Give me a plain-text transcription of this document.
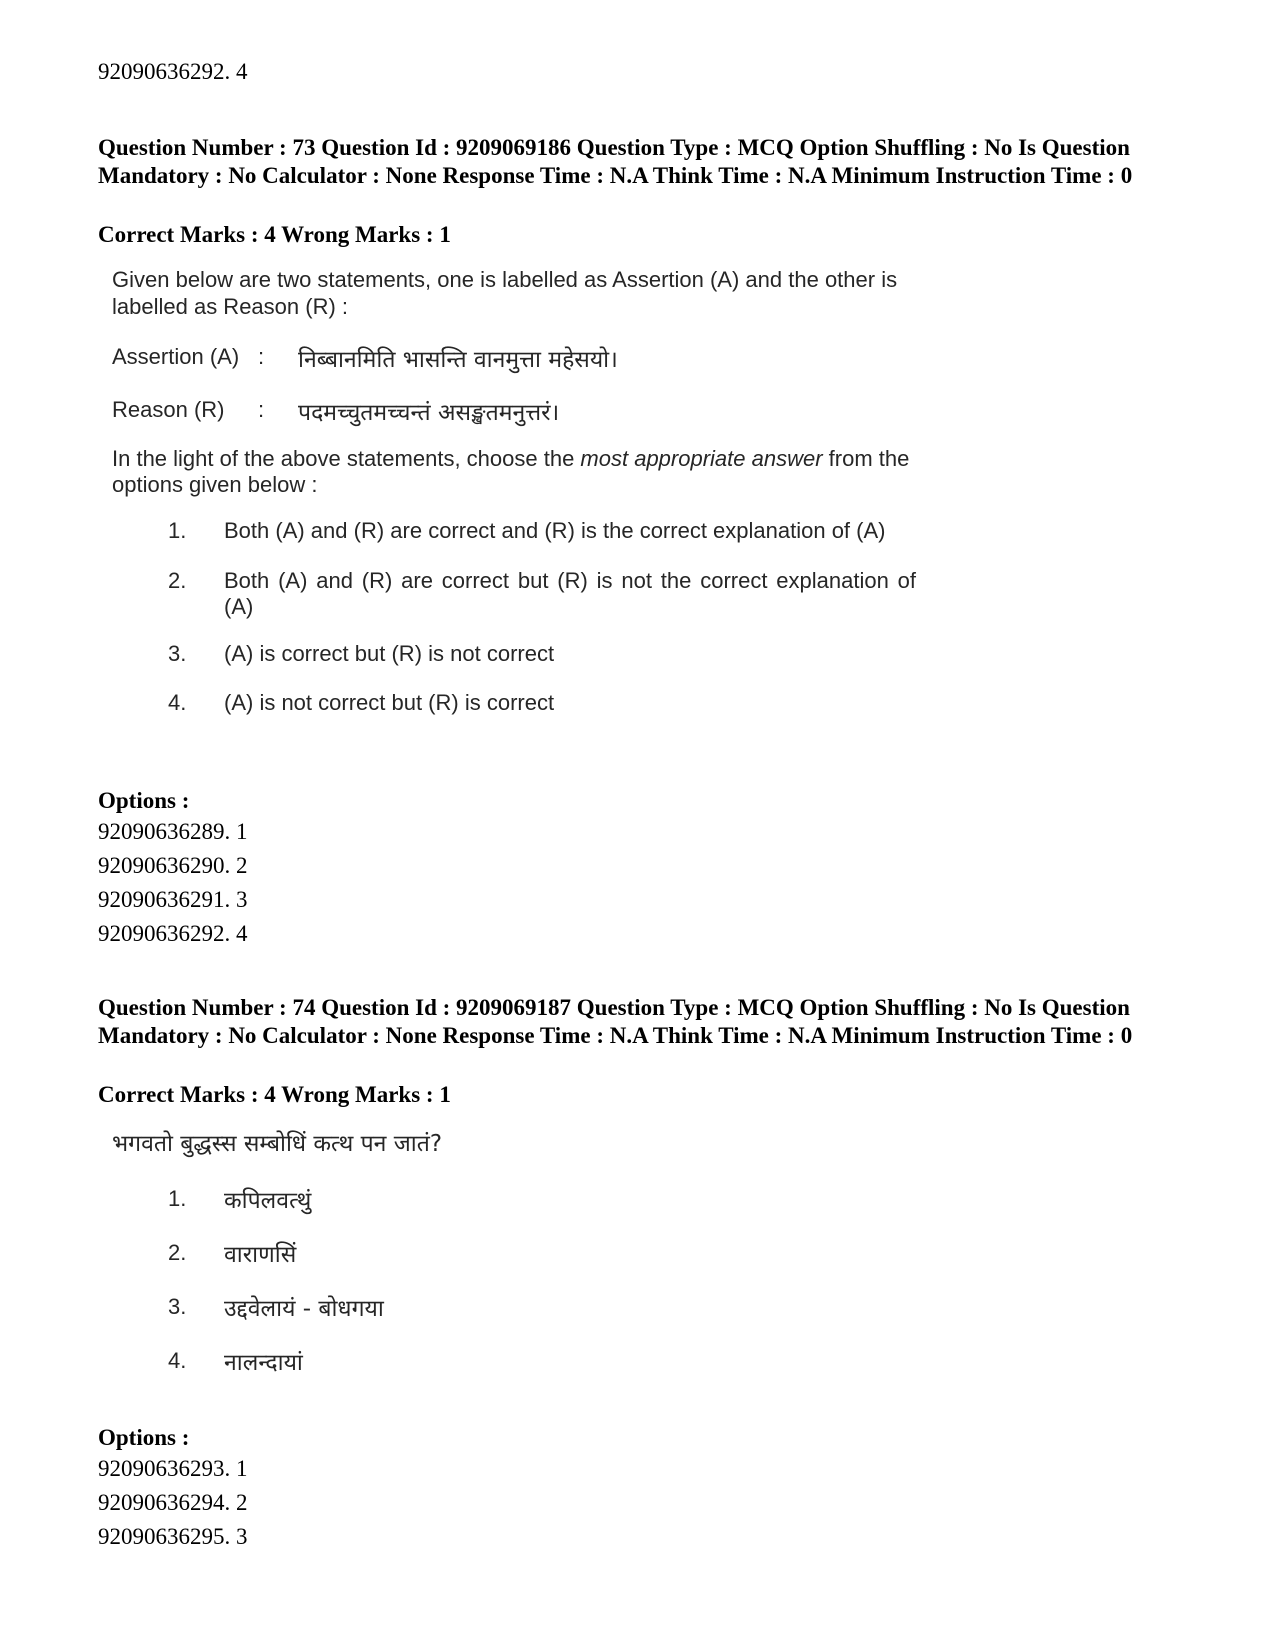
92090636292. 4

Question Number : 73 Question Id : 9209069186 Question Type : MCQ Option Shuffling : No Is Question Mandatory : No Calculator : None Response Time : N.A Think Time : N.A Minimum Instruction Time : 0

Correct Marks : 4 Wrong Marks : 1

Given below are two statements, one is labelled as Assertion (A) and the other is labelled as Reason (R) :

Assertion (A) : निब्बानमिति भासन्ति वानमुत्ता महेसयो।
Reason (R) : पदमच्चुतमच्चन्तं असङ्खतमनुत्तरं।

In the light of the above statements, choose the most appropriate answer from the options given below :

1. Both (A) and (R) are correct and (R) is the correct explanation of (A)
2. Both (A) and (R) are correct but (R) is not the correct explanation of (A)
3. (A) is correct but (R) is not correct
4. (A) is not correct but (R) is correct

Options :

92090636289. 1
92090636290. 2
92090636291. 3
92090636292. 4

Question Number : 74 Question Id : 9209069187 Question Type : MCQ Option Shuffling : No Is Question Mandatory : No Calculator : None Response Time : N.A Think Time : N.A Minimum Instruction Time : 0

Correct Marks : 4 Wrong Marks : 1

भगवतो बुद्धस्स सम्बोधिं कत्थ पन जातं?

1. कपिलवत्थुं
2. वाराणसिं
3. उद्दवेलायं - बोधगया
4. नालन्दायां

Options :

92090636293. 1
92090636294. 2
92090636295. 3
